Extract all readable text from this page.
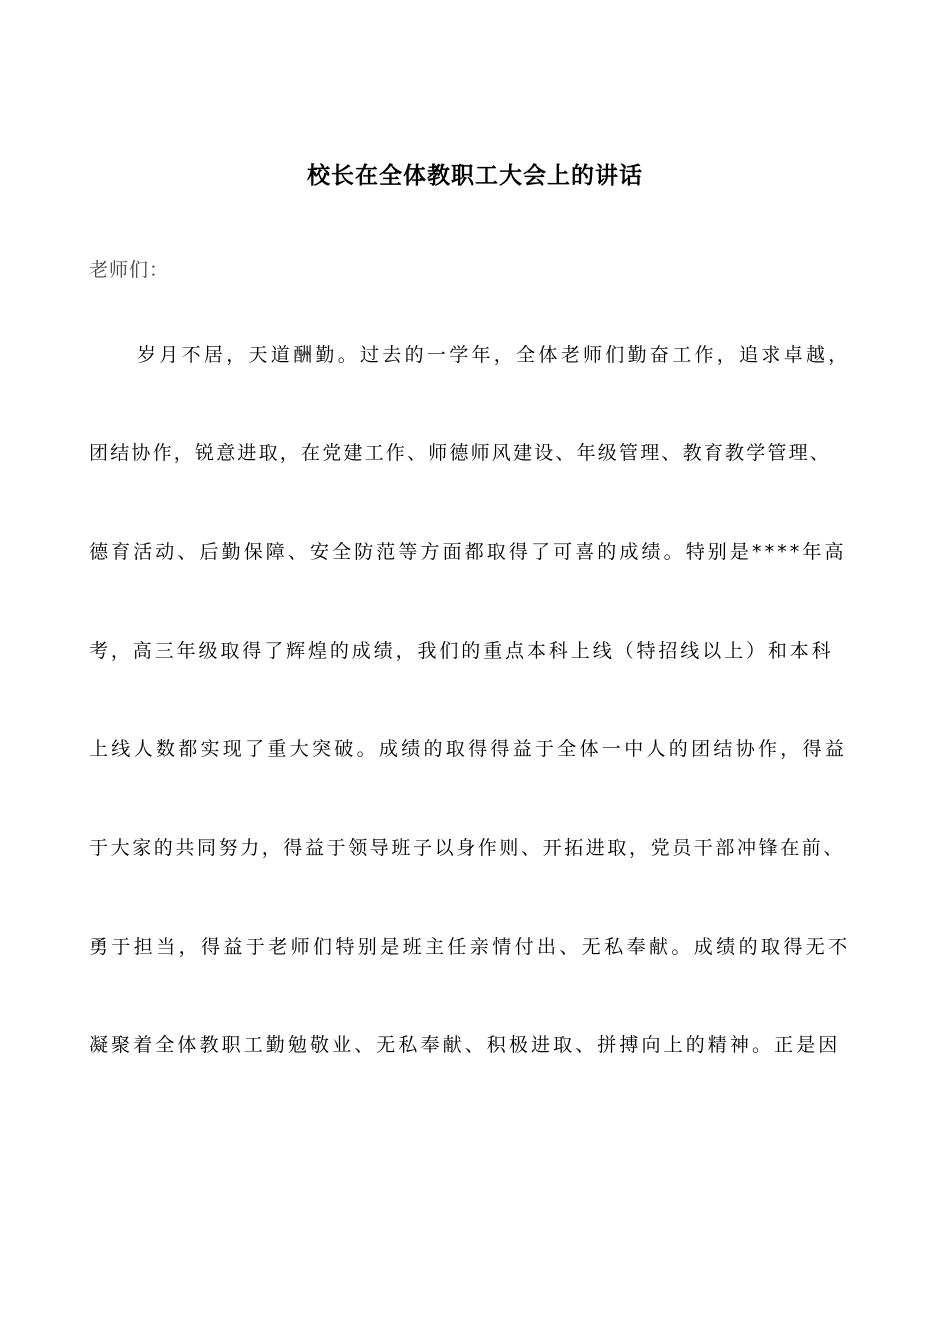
校长在全体教职工大会上的讲话
老师们：
岁月不居，天道酬勤。过去的一学年，全体老师们勤奋工作，追求卓越，
团结协作，锐意进取，在党建工作、师德师风建设、年级管理、教育教学管理、
德育活动、后勤保障、安全防范等方面都取得了可喜的成绩。特别是****年高
考，高三年级取得了辉煌的成绩，我们的重点本科上线（特招线以上）和本科
上线人数都实现了重大突破。成绩的取得得益于全体一中人的团结协作，得益
于大家的共同努力，得益于领导班子以身作则、开拓进取，党员干部冲锋在前、
勇于担当，得益于老师们特别是班主任亲情付出、无私奉献。成绩的取得无不
凝聚着全体教职工勤勉敬业、无私奉献、积极进取、拼搏向上的精神。正是因
